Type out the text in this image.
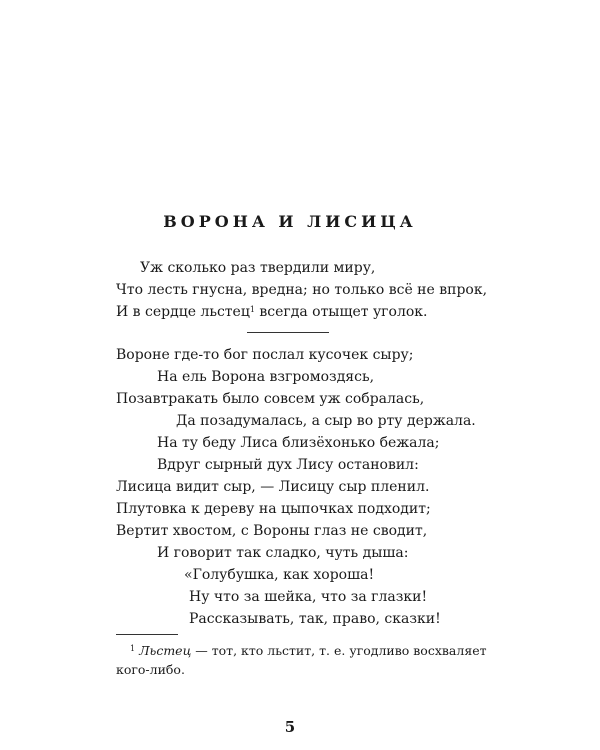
ВОРОНА И ЛИСИЦА
Уж сколько раз твердили миру,
Что лесть гнусна, вредна; но только всё не впрок,
И в сердце льстец$^1$ всегда отыщет уголок.
Вороне где-то бог послал кусочек сыру;
На ель Ворона взгромоздясь,
Позавтракать было совсем уж собралась,
Да позадумалась, а сыр во рту держала.
На ту беду Лиса близёхонько бежала;
Вдруг сырный дух Лису остановил:
Лисица видит сыр, — Лисицу сыр пленил.
Плутовка к дереву на цыпочках подходит;
Вертит хвостом, с Вороны глаз не сводит,
И говорит так сладко, чуть дыша:
«Голубушка, как хороша!
Ну что за шейка, что за глазки!
Рассказывать, так, право, сказки!
$^1$ Льстец — тот, кто льстит, т. е. угодливо восхваляет
кого-либо.
5
